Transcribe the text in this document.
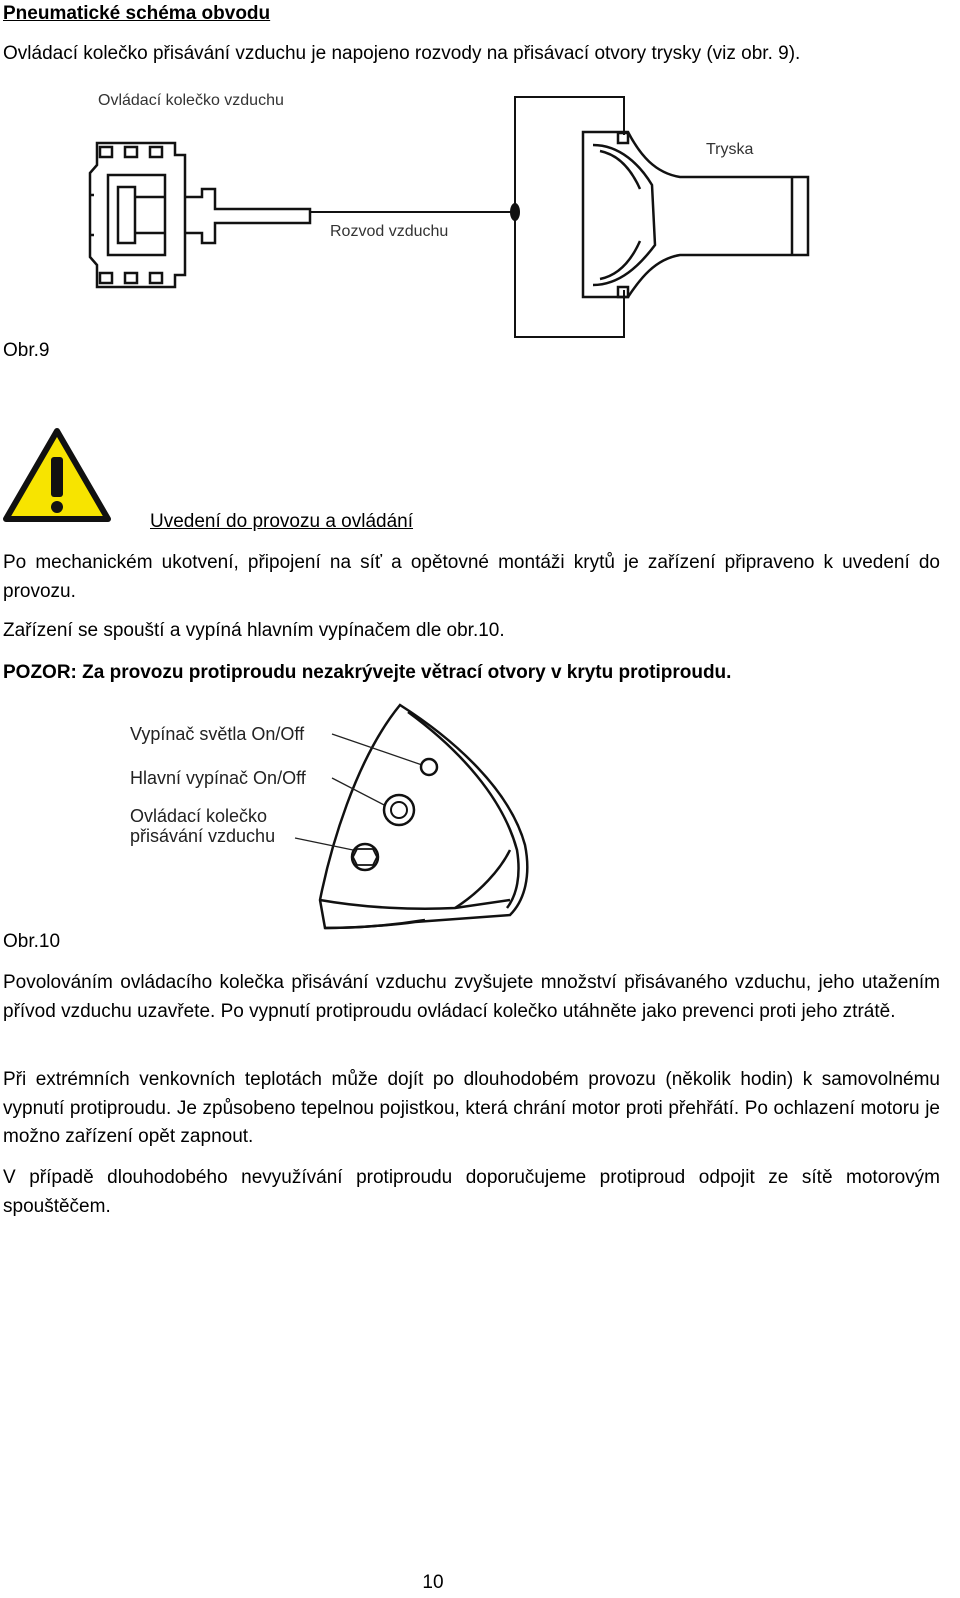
Pneumatické schéma obvodu

Ovládací kolečko přisávání vzduchu je napojeno rozvody na přisávací otvory trysky (viz obr. 9).

Ovládací kolečko vzduchu
Rozvod vzduchu
Tryska

Obr.9

Uvedení do provozu a ovládání

Po mechanickém ukotvení, připojení na síť a opětovné montáži krytů je zařízení připraveno k uvedení do provozu.

Zařízení se spouští a vypíná hlavním vypínačem dle obr.10.

POZOR: Za provozu protiproudu nezakrývejte větrací otvory v krytu protiproudu.

Vypínač světla On/Off
Hlavní vypínač On/Off
Ovládací kolečko
přisávání vzduchu

Obr.10

Povolováním ovládacího kolečka přisávání vzduchu zvyšujete množství přisávaného vzduchu, jeho utažením přívod vzduchu uzavřete. Po vypnutí protiproudu ovládací kolečko utáhněte jako prevenci proti jeho ztrátě.

Při extrémních venkovních teplotách může dojít po dlouhodobém provozu (několik hodin) k samovolnému vypnutí protiproudu. Je způsobeno tepelnou pojistkou, která chrání motor proti přehřátí. Po ochlazení motoru je možno zařízení opět zapnout.

V případě dlouhodobého nevyužívání protiproudu doporučujeme protiproud odpojit ze sítě motorovým spouštěčem.

10
